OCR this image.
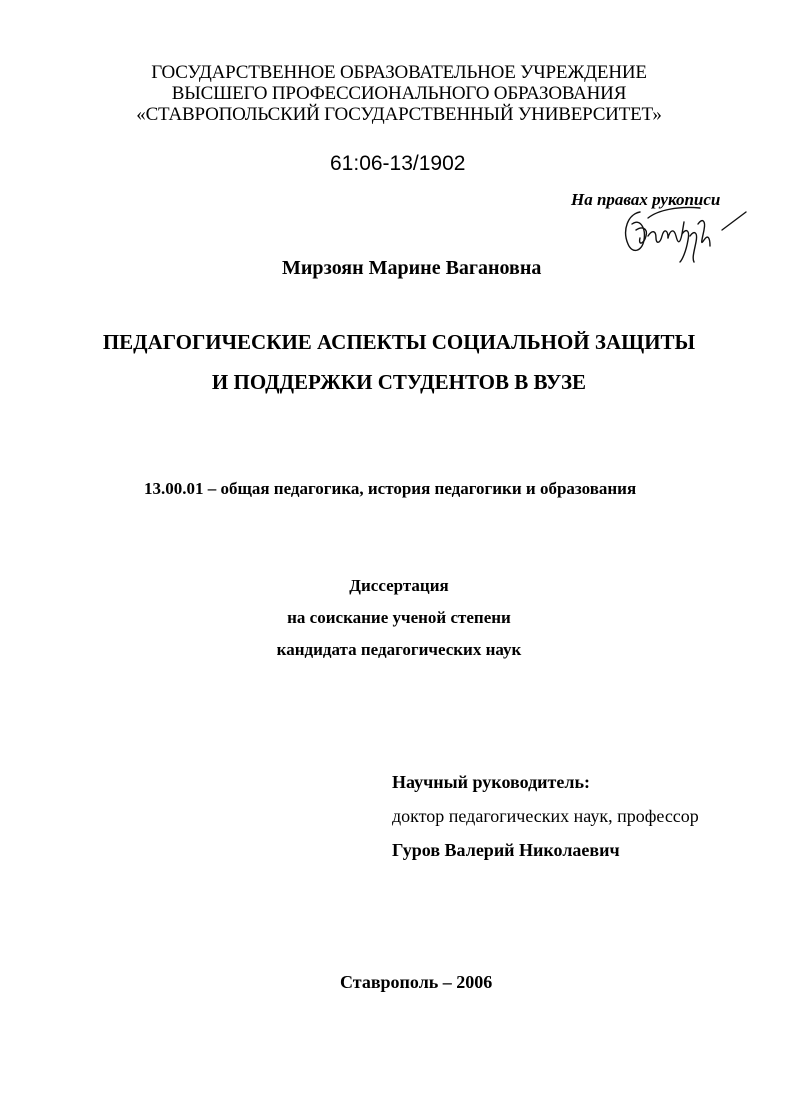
ГОСУДАРСТВЕННОЕ ОБРАЗОВАТЕЛЬНОЕ УЧРЕЖДЕНИЕ
ВЫСШЕГО ПРОФЕССИОНАЛЬНОГО ОБРАЗОВАНИЯ
«СТАВРОПОЛЬСКИЙ ГОСУДАРСТВЕННЫЙ УНИВЕРСИТЕТ»
61:06-13/1902
На правах рукописи
Мирзоян Марине Вагановна
ПЕДАГОГИЧЕСКИЕ АСПЕКТЫ СОЦИАЛЬНОЙ ЗАЩИТЫ
И ПОДДЕРЖКИ СТУДЕНТОВ В ВУЗЕ
13.00.01 – общая педагогика, история педагогики и образования
Диссертация
на соискание ученой степени
кандидата педагогических наук
Научный руководитель:
доктор педагогических наук, профессор
Гуров Валерий Николаевич
Ставрополь – 2006
